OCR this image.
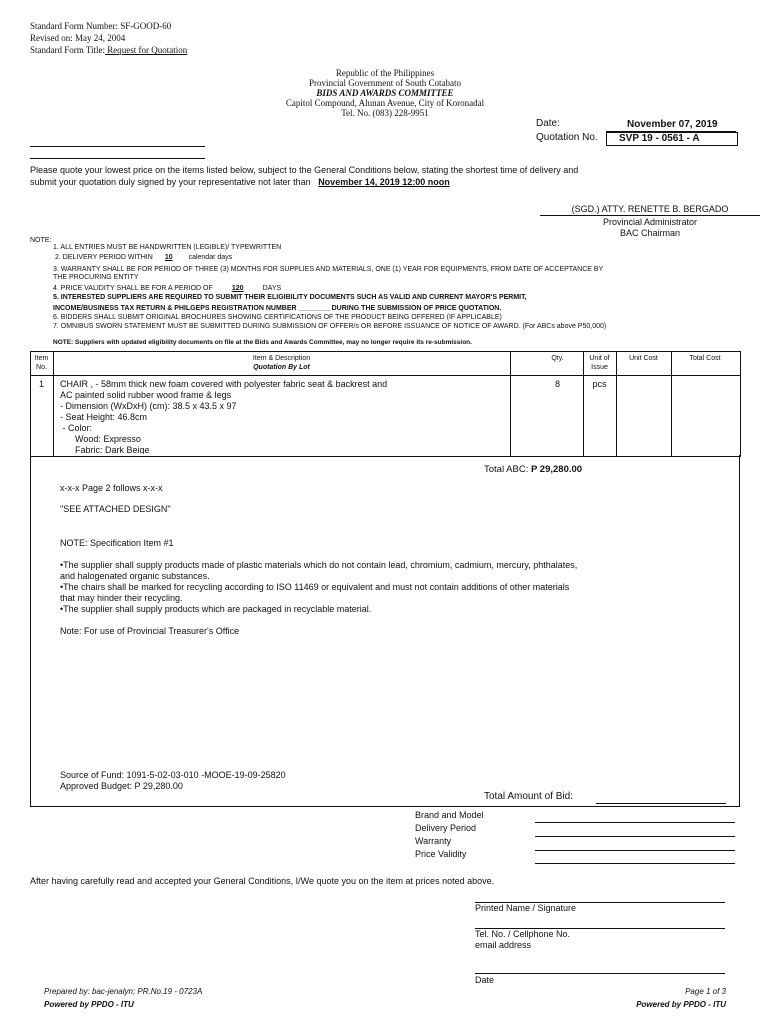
Standard Form Number: SF-GOOD-60
Revised on: May 24, 2004
Standard Form Title: Request for Quotation
Republic of the Philippines
Provincial Government of South Cotabato
BIDS AND AWARDS COMMITTEE
Capitol Compound, Alunan Avenue, City of Koronadal
Tel. No. (083) 228-9951
Date:	November 07, 2019
Quotation No. SVP 19 - 0561 - A
Please quote your lowest price on the items listed below, subject to the General Conditions below, stating the shortest time of delivery and
submit your quotation duly signed by your representative not later than November 14, 2019 12:00 noon
(SGD.) ATTY. RENETTE B. BERGADO
Provincial Administrator
BAC Chairman
NOTE:
1. ALL ENTRIES MUST BE HANDWRITTEN (LEGIBLE)/ TYPEWRITTEN
2. DELIVERY PERIOD WITHIN 10 calendar days
3. WARRANTY SHALL BE FOR PERIOD OF THREE (3) MONTHS FOR SUPPLIES AND MATERIALS, ONE (1) YEAR FOR EQUIPMENTS, FROM DATE OF ACCEPTANCE BY
THE PROCURING ENTITY
4. PRICE VALIDITY SHALL BE FOR A PERIOD OF	120	DAYS
5. INTERESTED SUPPLIERS ARE REQUIRED TO SUBMIT THEIR ELIGIBILITY DOCUMENTS SUCH AS VALID AND CURRENT MAYOR'S PERMIT,
INCOME/BUSINESS TAX RETURN & PHILGEPS REGISTRATION NUMBER ________ DURING THE SUBMISSION OF PRICE QUOTATION.
6. BIDDERS SHALL SUBMIT ORIGINAL BROCHURES SHOWING CERTIFICATIONS OF THE PRODUCT BEING OFFERED (IF APPLICABLE)
7. OMNIBUS SWORN STATEMENT MUST BE SUBMITTED DURING SUBMISSION OF OFFER/s OR BEFORE ISSUANCE OF NOTICE OF AWARD. (For ABCs above P50,000)
NOTE: Suppliers with updated eligibility documents on file at the Bids and Awards Committee, may no longer require its re-submission.
Item
No.
Item & Description
Quotation By Lot
Qty.	Unit of
Issue
Unit Cost	Total Cost
1	CHAIR , - 58mm thick new foam covered with polyester fabric seat & backrest and
AC painted solid rubber wood frame & legs
- Dimension (WxDxH) (cm): 38.5 x 43.5 x 97
- Seat Height: 46.8cm
- Color:
Wood: Expresso
Fabric: Dark Beige
8	pcs
Total ABC: P 29,280.00
x-x-x Page 2 follows x-x-x
"SEE ATTACHED DESIGN"
NOTE: Specification Item #1
•The supplier shall supply products made of plastic materials which do not contain lead, chromium, cadmium, mercury, phthalates,
and halogenated organic substances.
•The chairs shall be marked for recycling according to ISO 11469 or equivalent and must not contain additions of other materials
that may hinder their recycling.
•The supplier shall supply products which are packaged in recyclable material.
Note: For use of Provincial Treasurer's Office
Source of Fund: 1091-5-02-03-010 -MOOE-19-09-25820
Approved Budget: P 29,280.00
Total Amount of Bid:
Brand and Model
Delivery Period
Warranty
Price Validity
After having carefully read and accepted your General Conditions, I/We quote you on the item at prices noted above.
Printed Name / Signature
Tel. No. / Cellphone No.
email address
Date
Prepared by: bac-jenalyn; PR.No.19 - 0723A
Powered by PPDO - ITU
Page 1 of 3
Powered by PPDO - ITU
